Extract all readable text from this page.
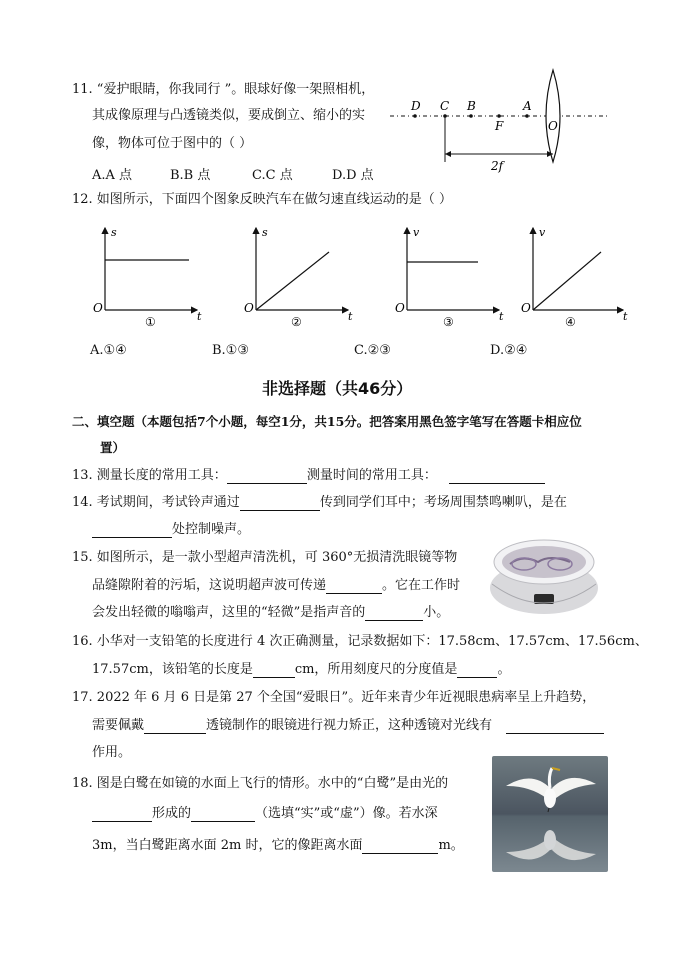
11. “爱护眼睛，你我同行 ”。眼球好像一架照相机，
其成像原理与凸透镜类似，要成倒立、缩小的实
像，物体可位于图中的（ ）
A.A 点	B.B 点	C.C 点	D.D 点
D C B	A
F	O
2f
12. 如图所示，下面四个图象反映汽车在做匀速直线运动的是（ ）
O
s
t
①
O
s
t
②
O
v
t
③
O
v
t
④
A.①④	B.①③	C.②③	D.②④
非选择题（共46分）
二、填空题（本题包括7个小题，每空1分，共15分。把答案用黑色签字笔写在答题卡相应位
置）
13. 测量长度的常用工具：	测量时间的常用工具：
14. 考试期间，考试铃声通过	传到同学们耳中；考场周围禁鸣喇叭，是在
处控制噪声。
15. 如图所示，是一款小型超声清洗机，可 360°无损清洗眼镜等物
品缝隙附着的污垢，这说明超声波可传递	。它在工作时
会发出轻微的嗡嗡声，这里的“轻微”是指声音的	小。
16. 小华对一支铅笔的长度进行 4 次正确测量，记录数据如下：17.58cm、17.57cm、17.56cm、
17.57cm，该铅笔的长度是	cm，所用刻度尺的分度值是	。
17. 2022 年 6 月 6 日是第 27 个全国“爱眼日”。近年来青少年近视眼患病率呈上升趋势，
需要佩戴	透镜制作的眼镜进行视力矫正，这种透镜对光线有
作用。
18. 图是白鹭在如镜的水面上飞行的情形。水中的“白鹭”是由光的
形成的	（选填“实”或“虚”）像。若水深
3m，当白鹭距离水面 2m 时，它的像距离水面	m。
